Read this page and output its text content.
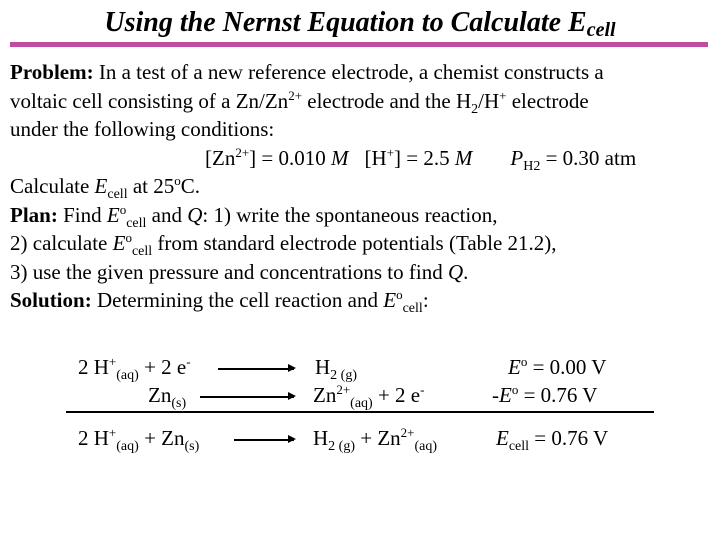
Using the Nernst Equation to Calculate $E_{cell}$

Problem: In a test of a new reference electrode, a chemist constructs a

voltaic cell consisting of a $Zn/Zn^{2+}$ electrode and the $H_2/H^+$ electrode

under the following conditions:

$[Zn^{2+}] = 0.010$ M [H+] = 2.5 M $P_{H2} = 0.30$ atm

Calculate $E_{cell}$ at 25$^o$C.

Plan: Find $E^o_{cell}$ and Q: 1) write the spontaneous reaction,

2) calculate $E^o_{cell}$ from standard electrode potentials (Table 21.2),

3) use the given pressure and concentrations to find Q.

Solution: Determining the cell reaction and $E^o_{cell}$:

2 $H^+_{(aq)} + 2$ e-	$H_{2 (g)}$	$E^o = 0.00$ V
$Zn_{(s)}$	$Zn^{2+}_{(aq)} + 2$ e-	$-E^o = 0.76$ V
2 $H^+_{(aq)} + Zn_{(s)}$	$H_{2 (g)} + Zn^{2+}_{(aq)}$	$E_{cell} = 0.76$ V
